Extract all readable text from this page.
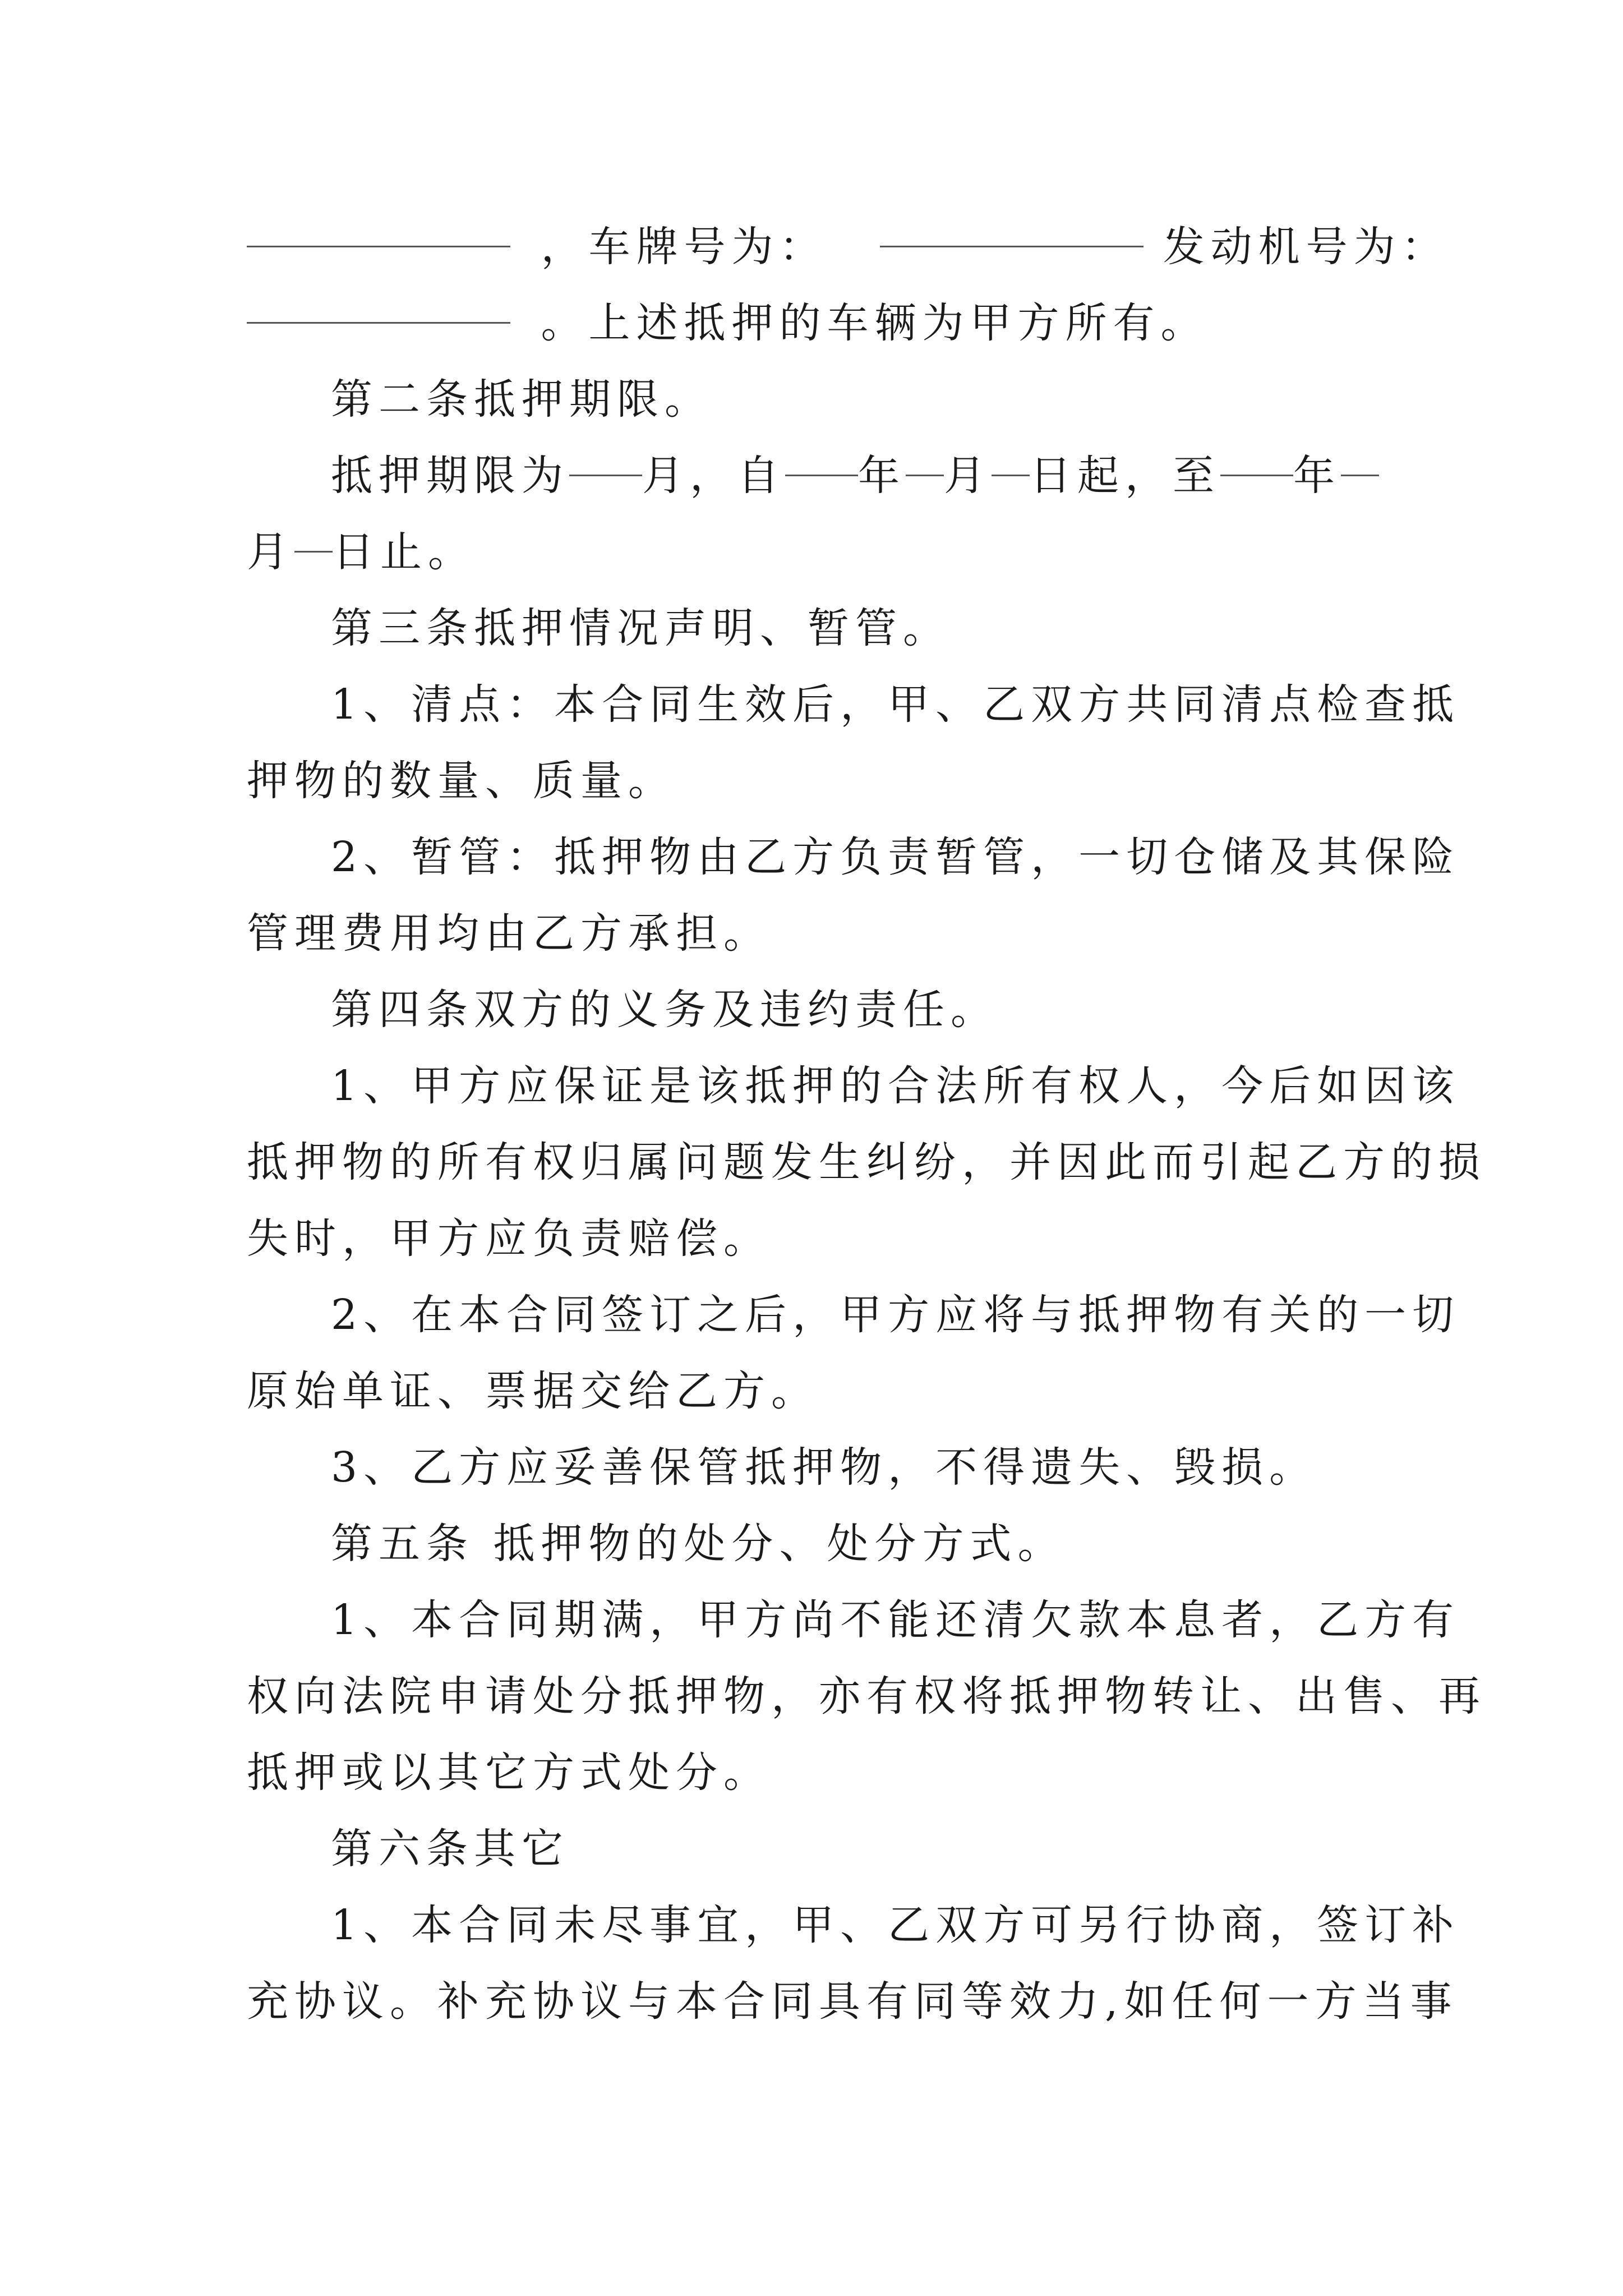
，车牌号为：	发动机号为：
。上述抵押的车辆为甲方所有。
第二条抵押期限。
抵押期限为 月，自 年 月 日起，至 年
月 日止。
第三条抵押情况声明、暂管。
1、清点：本合同生效后，甲、乙双方共同清点检查抵
押物的数量、质量。
2、暂管：抵押物由乙方负责暂管，一切仓储及其保险
管理费用均由乙方承担。
第四条双方的义务及违约责任。
1、甲方应保证是该抵押的合法所有权人，今后如因该
抵押物的所有权归属问题发生纠纷，并因此而引起乙方的损
失时，甲方应负责赔偿。
2、在本合同签订之后，甲方应将与抵押物有关的一切
原始单证、票据交给乙方。
3、乙方应妥善保管抵押物，不得遗失、毁损。
第五条 抵押物的处分、处分方式。
1、本合同期满，甲方尚不能还清欠款本息者，乙方有
权向法院申请处分抵押物，亦有权将抵押物转让、出售、再
抵押或以其它方式处分。
第六条其它
1、本合同未尽事宜，甲、乙双方可另行协商，签订补
充协议。补充协议与本合同具有同等效力,如任何一方当事
